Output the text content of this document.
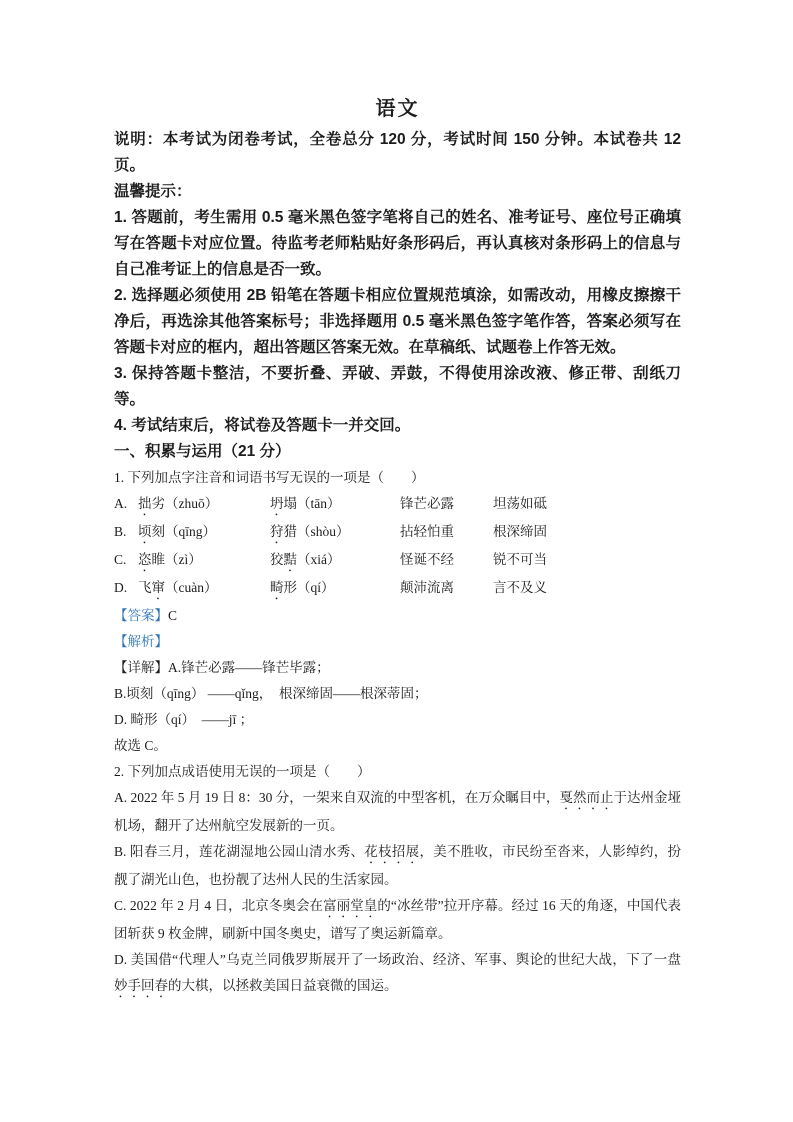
语文

说明：本考试为闭卷考试，全卷总分 120 分，考试时间 150 分钟。本试卷共 12页。

温馨提示：

1. 答题前，考生需用 0.5 毫米黑色签字笔将自己的姓名、准考证号、座位号正确填写在答题卡对应位置。待监考老师粘贴好条形码后，再认真核对条形码上的信息与自己准考证上的信息是否一致。

2. 选择题必须使用 2B 铅笔在答题卡相应位置规范填涂，如需改动，用橡皮擦擦干净后，再选涂其他答案标号；非选择题用 0.5 毫米黑色签字笔作答，答案必须写在答题卡对应的框内，超出答题区答案无效。在草稿纸、试题卷上作答无效。

3. 保持答题卡整洁，不要折叠、弄破、弄鼓，不得使用涂改液、修正带、刮纸刀等。

4. 考试结束后，将试卷及答题卡一并交回。

一、积累与运用（21 分）

1. 下列加点字注音和词语书写无误的一项是（　　）

A. 拙劣（zhuō）	坍塌（tān）	锋芒必露	坦荡如砥
B. 顷刻（qīng）	狩猎（shòu）	拈轻怕重	根深缔固
C. 恣睢（zì）	狡黠（xiá）	怪诞不经	锐不可当
D. 飞窜（cuàn）	畸形（qí）	颠沛流离	言不及义

【答案】C

【解析】

【详解】A.锋芒必露——锋芒毕露；

B.顷刻（qīng） ——qǐng，　根深缔固——根深蒂固；

D. 畸形（qí）　——jī ；

故选 C。

2. 下列加点成语使用无误的一项是（　　）

A. 2022 年 5 月 19 日 8：30 分，一架来自双流的中型客机，在万众瞩目中，戛然而止于达州金垭机场，翻开了达州航空发展新的一页。

B. 阳春三月，莲花湖湿地公园山清水秀、花枝招展，美不胜收，市民纷至沓来，人影绰约，扮靓了湖光山色，也扮靓了达州人民的生活家园。

C. 2022 年 2 月 4 日，北京冬奥会在富丽堂皇的“冰丝带”拉开序幕。经过 16 天的角逐，中国代表团斩获 9 枚金牌，刷新中国冬奥史，谱写了奥运新篇章。

D. 美国借“代理人”乌克兰同俄罗斯展开了一场政治、经济、军事、舆论的世纪大战，下了一盘妙手回春的大棋，以拯救美国日益衰微的国运。
